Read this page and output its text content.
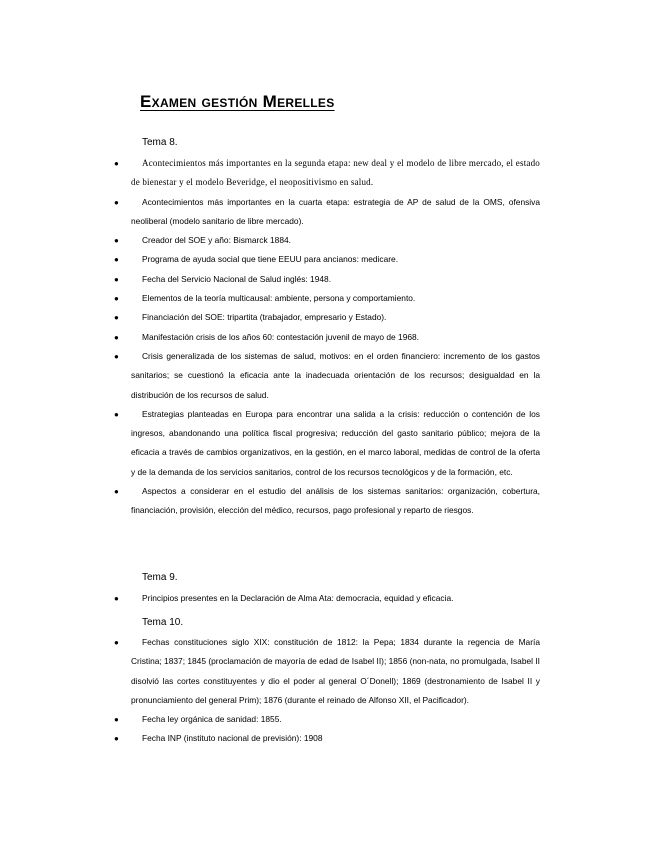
Examen gestión Merelles
Tema 8.
●	Acontecimientos más importantes en la segunda etapa: new deal y el modelo de libre mercado, el estado de bienestar y el modelo Beveridge, el neopositivismo en salud.
●	Acontecimientos más importantes en la cuarta etapa: estrategia de AP de salud de la OMS, ofensiva neoliberal (modelo sanitario de libre mercado).
●	Creador del SOE y año: Bismarck 1884.
●	Programa de ayuda social que tiene EEUU para ancianos: medicare.
●	Fecha del Servicio Nacional de Salud inglés: 1948.
●	Elementos de la teoría multicausal: ambiente, persona y comportamiento.
●	Financiación del SOE: tripartita (trabajador, empresario y Estado).
●	Manifestación crisis de los años 60: contestación juvenil de mayo de 1968.
●	Crisis generalizada de los sistemas de salud, motivos: en el orden financiero: incremento de los gastos sanitarios; se cuestionó la eficacia ante la inadecuada orientación de los recursos; desigualdad en la distribución de los recursos de salud.
●	Estrategias planteadas en Europa para encontrar una salida a la crisis: reducción o contención de los ingresos, abandonando una política fiscal progresiva; reducción del gasto sanitario público; mejora de la eficacia a través de cambios organizativos, en la gestión, en el marco laboral, medidas de control de la oferta y de la demanda de los servicios sanitarios, control de los recursos tecnológicos y de la formación, etc.
●	Aspectos a considerar en el estudio del análisis de los sistemas sanitarios: organización, cobertura, financiación, provisión, elección del médico, recursos, pago profesional y reparto de riesgos.
Tema 9.
●	Principios presentes en la Declaración de Alma Ata: democracia, equidad y eficacia.
Tema 10.
●	Fechas constituciones siglo XIX: constitución de 1812: la Pepa; 1834 durante la regencia de María Cristina; 1837; 1845 (proclamación de mayoría de edad de Isabel II); 1856 (non-nata, no promulgada, Isabel II disolvió las cortes constituyentes y dio el poder al general O´Donell); 1869 (destronamiento de Isabel II y pronunciamiento del general Prim); 1876 (durante el reinado de Alfonso XII, el Pacificador).
●	Fecha ley orgánica de sanidad: 1855.
●	Fecha INP (instituto nacional de previsión): 1908
